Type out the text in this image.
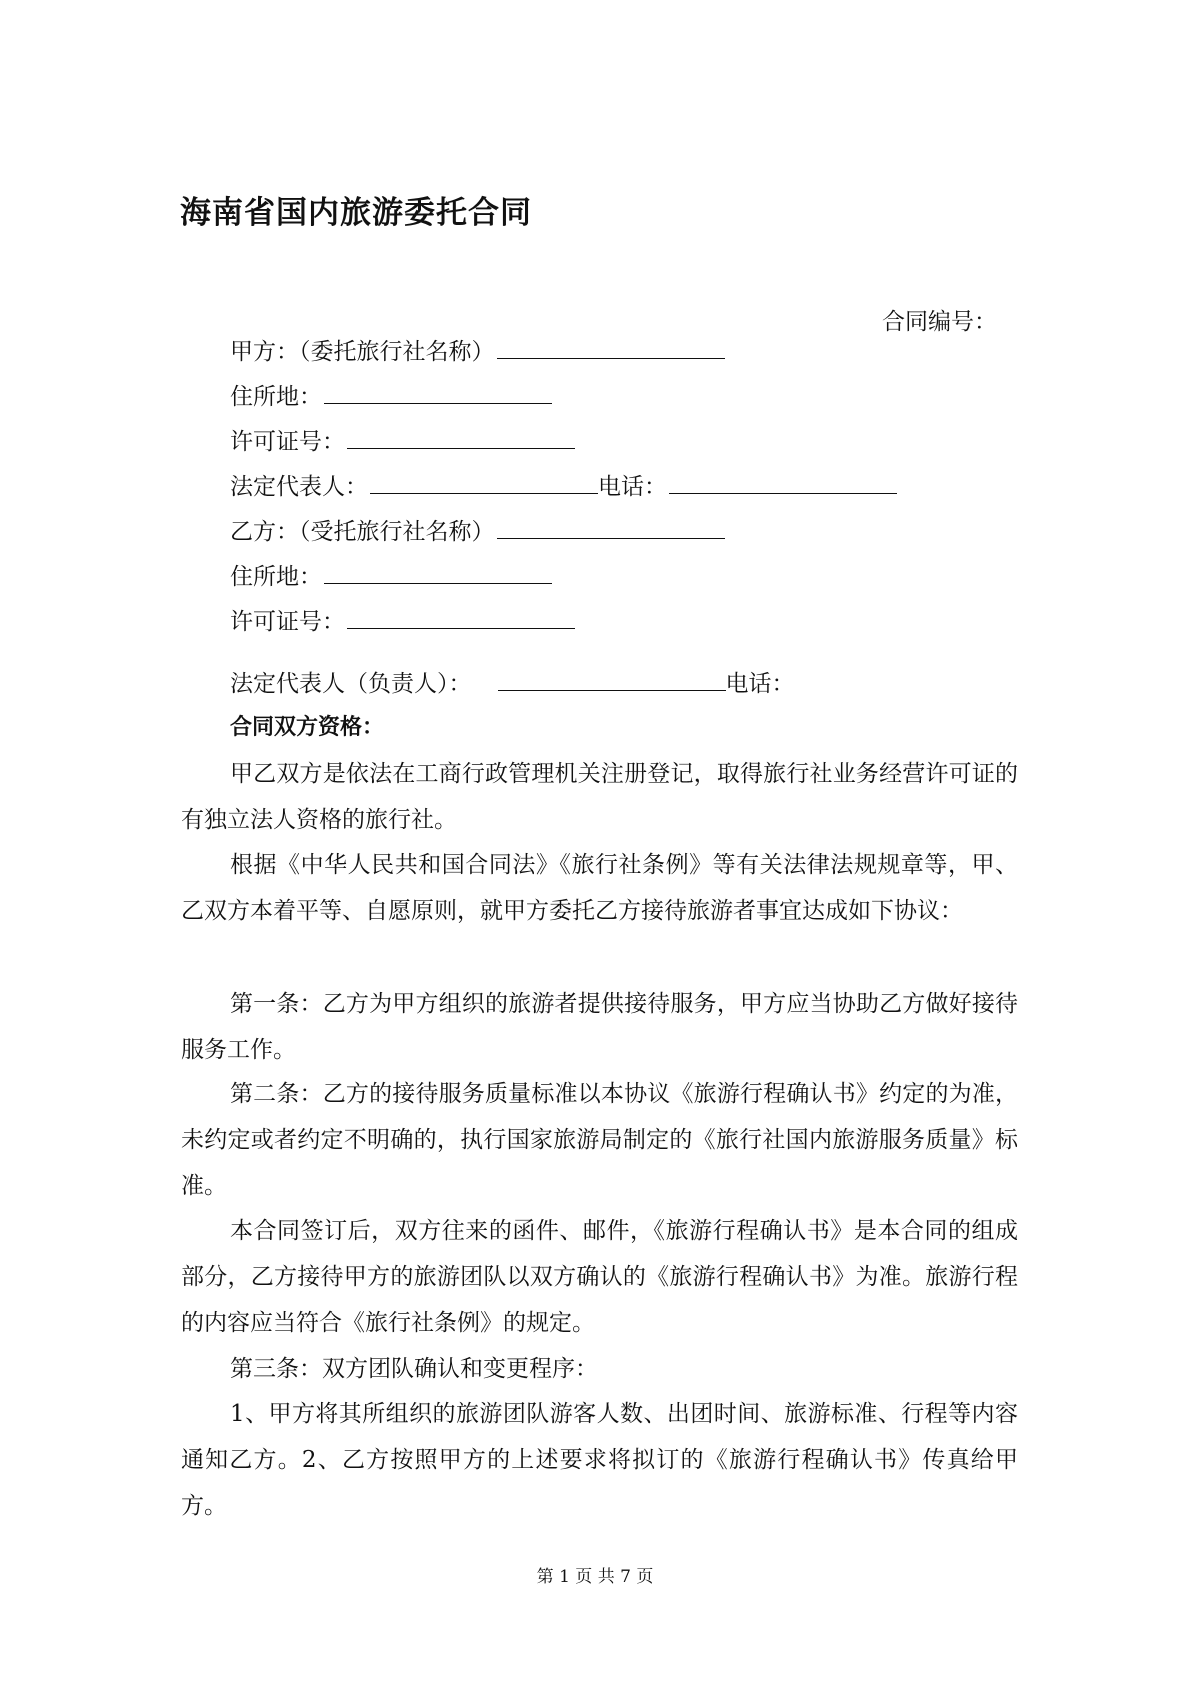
海南省国内旅游委托合同
合同编号：
甲方：（委托旅行社名称）
住所地：
许可证号：
法定代表人：	电话：
乙方：（受托旅行社名称）
住所地：
许可证号：
法定代表人（负责人）：	电话：
合同双方资格：

甲乙双方是依法在工商行政管理机关注册登记，取得旅行社业务经营许可证的有独立法人资格的旅行社。

根据《中华人民共和国合同法》《旅行社条例》等有关法律法规规章等，甲、乙双方本着平等、自愿原则，就甲方委托乙方接待旅游者事宜达成如下协议：

第一条：乙方为甲方组织的旅游者提供接待服务，甲方应当协助乙方做好接待服务工作。

第二条：乙方的接待服务质量标准以本协议《旅游行程确认书》约定的为准，未约定或者约定不明确的，执行国家旅游局制定的《旅行社国内旅游服务质量》标准。

本合同签订后，双方往来的函件、邮件，《旅游行程确认书》是本合同的组成部分，乙方接待甲方的旅游团队以双方确认的《旅游行程确认书》为准。旅游行程的内容应当符合《旅行社条例》的规定。

第三条：双方团队确认和变更程序：

1、甲方将其所组织的旅游团队游客人数、出团时间、旅游标准、行程等内容通知乙方。2、乙方按照甲方的上述要求将拟订的《旅游行程确认书》传真给甲方。

第 1 页 共 7 页
